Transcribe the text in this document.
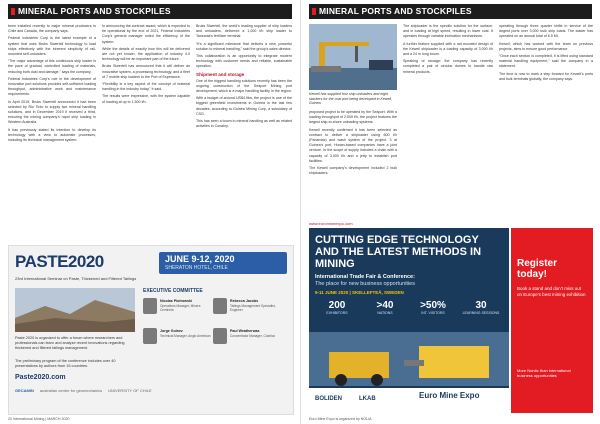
MINERAL PORTS AND STOCKPILES

been installed recently to major mineral producers in Chile and Canada, the company says.

Federal Industries Corp is the latest example of a system that uses Bruks Siwertell technology to load ships effectively with the inherent simplicity of rail-mounted self-unloaders.

“The major advantage of this continuous ship loader is the pace of gradual, controlled loading of materials, reducing both dust and damage,” says the company.

Federal Industries Corp’s role in the development of innovative port solutions provides self-sufficient loading throughput, administrative work and maintenance requirements.

In April 2019, Bruks Siwertell announced it had been selected by Rio Tinto to supply two mineral handling solutions, and in December 2019 it received a third, ensuring the mining company’s rapid ship loading in Western Australia.

It has previously stated its intention to develop its technology with a view to automate processes, including its technical management system.

In announcing the contract award, which is expected to be operational by the end of 2021, Federal Industries Corp’s general manager noted the efficiency of the system.

While the details of exactly how this will be delivered are not yet known, the application of industry 4.0 technology will be an important part of the future.

Bruks Siwertell has announced that it will deliver an innovative system, a processing technology, and a fleet of 7 mobile ship loaders to the Port of Esperance.

“Flexibility is a key aspect of the concept of material handling in the industry today,” it said.

The results were impressive, with the system capable of loading at up to 1,500 t/h.

Bruks Siwertell, the world’s leading supplier of ship loaders and unloaders, delivered a 1,000 t/h ship loader to Tanzania’s fertilizer terminal.

“It’s a significant milestone that delivers a new, powerful solution to mineral handling,” said the group’s sales director.

This collaboration is an opportunity to integrate modern technology with customer needs and reliable, sustainable operation.

Shipment and storage

One of the biggest handling solutions recently has been the ongoing construction of the Seaport Mining port development, which is a major handling facility in the region.

With a budget of around US$4.9bn, the project is one of the biggest greenfield investments in Guinea in the last few decades, according to Guinea Mining Corp, a subsidiary of CSG.

This has seen a boom in mineral handling as well as related activities in Conakry.

PASTE2020	JUNE 9-12, 2020
SHERATON HOTEL, CHILE
23rd International Seminar on Paste, Thickened and Filtered Tailings
Paste 2020 is organized to offer a forum where researchers and professionals can learn and analyze recent innovations regarding thickened and filtered tailings management.
The preliminary program of the conference includes over 40 presentations by authors from 15 countries.
Paste2020.com
GECAMIN australian centre for geomechanics UNIVERSITY OF CHILE
EXECUTIVE COMMITTEE
Nicolas Piotrowski
Operations Manager, Minera Centinela
Rebecca Jacobs
Tailings Management Specialist, Engineer
Jorge Guinez
Technical Manager, Anglo American
Paul Weatherwax
Concentrator Manager, Codelco
20 International Mining | MARCH 2020
MINERAL PORTS AND STOCKPILES
Kewell has supplied four ship unloaders and eight stackers for the coal port being developed in Kewell, Guinea

proposed project to be operated by the Seaport. With a loading throughput of 2,000 t/h, the project features the largest ship-to-shore unloading systems.

Kewell recently confirmed it has been selected as contract to deliver a shiploader using 600 t/h (Panamax) and wash system of the project. 3 at Guinea’s port, Hunan-based companies have a joint venture. In the scope of supply included a chain with a capacity of 3,000 t/h and a jetty to establish port facilities.

The Kewell company’s development included 2 bulk shiploaders.

The shiploader is the specific solution for the surface, and in loading at high speed, resulting in lower cost. It operates through variable inclination mechanisms.

A further feature supplied with a rail-mounted design of the Kewell shiploader is a loading capacity of 3,000 t/h and a 24 m long boom.

Speaking of storage: the company has recently completed a pair of circular domes to handle raw mineral products.

operating through three quarter shifts in service of the largest ports over 3,000 bulk ship loads. The loader has operated on an annual total of 6.5 Mt.

Kewell, which has worked with the team on previous projects, aims to ensure good performance.

“Once each section is completed, it is lifted using standard material handling equipment,” said the company in a statement.

The time is now to mark a step forward for Kewell’s ports and bulk terminals globally, the company says.

www.euromineexpo.com
CUTTING EDGE TECHNOLOGY AND THE LATEST METHODS IN MINING
International Trade Fair & Conference:
The place for new business opportunities
9-11 JUNE 2020 | SKELLEFTEÅ, SWEDEN
200
EXHIBITORS
>40
NATIONS
>50%
INT. VISITORS
30
LEARNING SESSIONS
BOLIDEN	LKAB	Euro Mine Expo
Register today!
Book a stand and don’t miss out on Europe’s best mining exhibition
More Nordic than international business opportunities
Euro Mine Expo is organized by NOLIA
